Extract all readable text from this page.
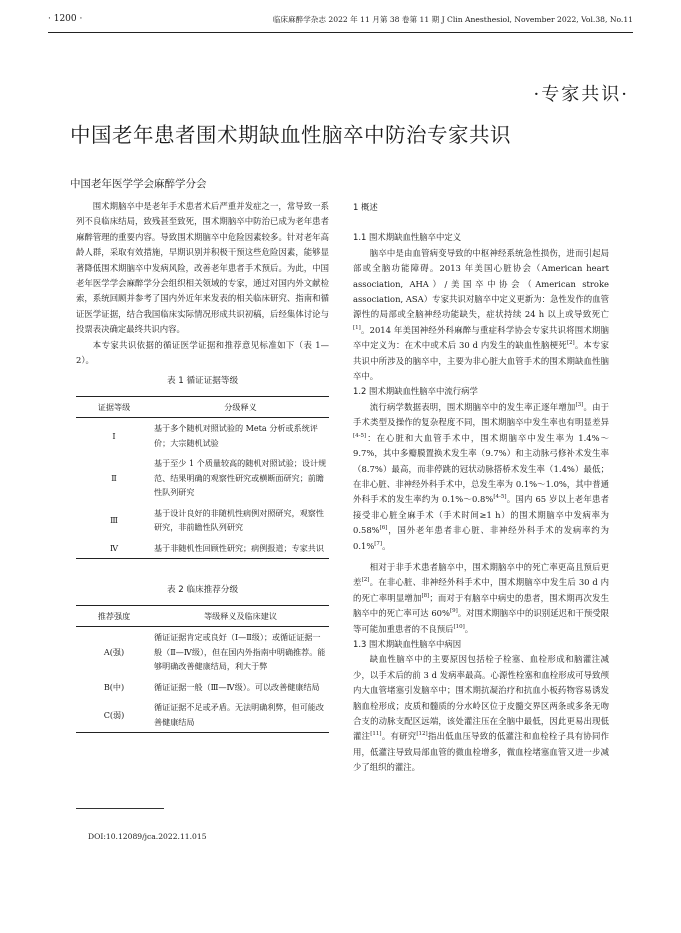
· 1200 ·	临床麻醉学杂志 2022 年 11 月第 38 卷第 11 期 J Clin Anesthesiol, November 2022, Vol.38, No.11
·专家共识·
中国老年患者围术期缺血性脑卒中防治专家共识
中国老年医学学会麻醉学分会

围术期脑卒中是老年手术患者术后严重并发症之一，常导致一系列不良临床结局，致残甚至致死，围术期脑卒中防治已成为老年患者麻醉管理的重要内容。导致围术期脑卒中危险因素较多。针对老年高龄人群，采取有效措施，早期识别并积极干预这些危险因素，能够显著降低围术期脑卒中发病风险，改善老年患者手术预后。为此，中国老年医学学会麻醉学分会组织相关领域的专家，通过对国内外文献检索，系统回顾并参考了国内外近年来发表的相关临床研究、指南和循证医学证据，结合我国临床实际情况形成共识初稿，后经集体讨论与投票表决确定最终共识内容。

本专家共识依据的循证医学证据和推荐意见标准如下（表 1—2）。

表 1 循证证据等级
证据等级	分级释义
Ⅰ	基于多个随机对照试验的 Meta 分析或系统评价；大宗随机试验
Ⅱ	基于至少 1 个质量较高的随机对照试验；设计规范、结果明确的观察性研究或横断面研究；前瞻性队列研究
Ⅲ	基于设计良好的非随机性病例对照研究，观察性研究，非前瞻性队列研究
Ⅳ	基于非随机性回顾性研究；病例报道；专家共识
表 2 临床推荐分级
推荐强度	等级释义及临床建议
A(强)	循证证据肯定或良好（Ⅰ—Ⅱ级）；或循证证据一般（Ⅱ—Ⅳ级），但在国内外指南中明确推荐。能够明确改善健康结局，利大于弊
B(中)	循证证据一般（Ⅲ—Ⅳ级）。可以改善健康结局
C(弱)	循证证据不足或矛盾。无法明确利弊，但可能改善健康结局
DOI:10.12089/jca.2022.11.015

1 概述

1.1 围术期缺血性脑卒中定义

脑卒中是由血管病变导致的中枢神经系统急性损伤，进而引起局部或全脑功能障碍。2013 年美国心脏协会（American heart association, AHA）/美国卒中协会（American stroke association, ASA）专家共识对脑卒中定义更新为：急性发作的血管源性的局部或全脑神经功能缺失，症状持续 24 h 以上或导致死亡[1]。2014 年美国神经外科麻醉与重症科学协会专家共识将围术期脑卒中定义为：在术中或术后 30 d 内发生的缺血性脑梗死[2]。本专家共识中所涉及的脑卒中，主要为非心脏大血管手术的围术期缺血性脑卒中。

1.2 围术期缺血性脑卒中流行病学

流行病学数据表明，围术期脑卒中的发生率正逐年增加[3]。由于手术类型及操作的复杂程度不同，围术期脑卒中发生率也有明显差异[4-5]：在心脏和大血管手术中，围术期脑卒中发生率为 1.4%～9.7%，其中多瓣膜置换术发生率（9.7%）和主动脉弓修补术发生率（8.7%）最高，而非停跳的冠状动脉搭桥术发生率（1.4%）最低；在非心脏、非神经外科手术中，总发生率为 0.1%～1.0%，其中普通外科手术的发生率约为 0.1%～0.8%[4-5]。国内 65 岁以上老年患者接受非心脏全麻手术（手术时间≥1 h）的围术期脑卒中发病率为 0.58%[6]，国外老年患者非心脏、非神经外科手术的发病率约为 0.1%[7]。

相对于非手术患者脑卒中，围术期脑卒中的死亡率更高且预后更差[2]。在非心脏、非神经外科手术中，围术期脑卒中发生后 30 d 内的死亡率明显增加[8]；而对于有脑卒中病史的患者，围术期再次发生脑卒中的死亡率可达 60%[9]。对围术期脑卒中的识别延迟和干预受限等可能加重患者的不良预后[10]。

1.3 围术期缺血性脑卒中病因

缺血性脑卒中的主要原因包括栓子栓塞、血栓形成和脑灌注减少，以手术后的前 3 d 发病率最高。心源性栓塞和血栓形成可导致颅内大血管堵塞引发脑卒中；围术期抗凝治疗和抗血小板药物容易诱发脑血栓形成；皮质和髓质的分水岭区位于皮髓交界区两条或多条无吻合支的动脉支配区远端，该处灌注压在全脑中最低，因此更易出现低灌注[11]。有研究[12]指出低血压导致的低灌注和血栓栓子具有协同作用，低灌注导致局部血管的微血栓增多，微血栓堵塞血管又进一步减少了组织的灌注。
